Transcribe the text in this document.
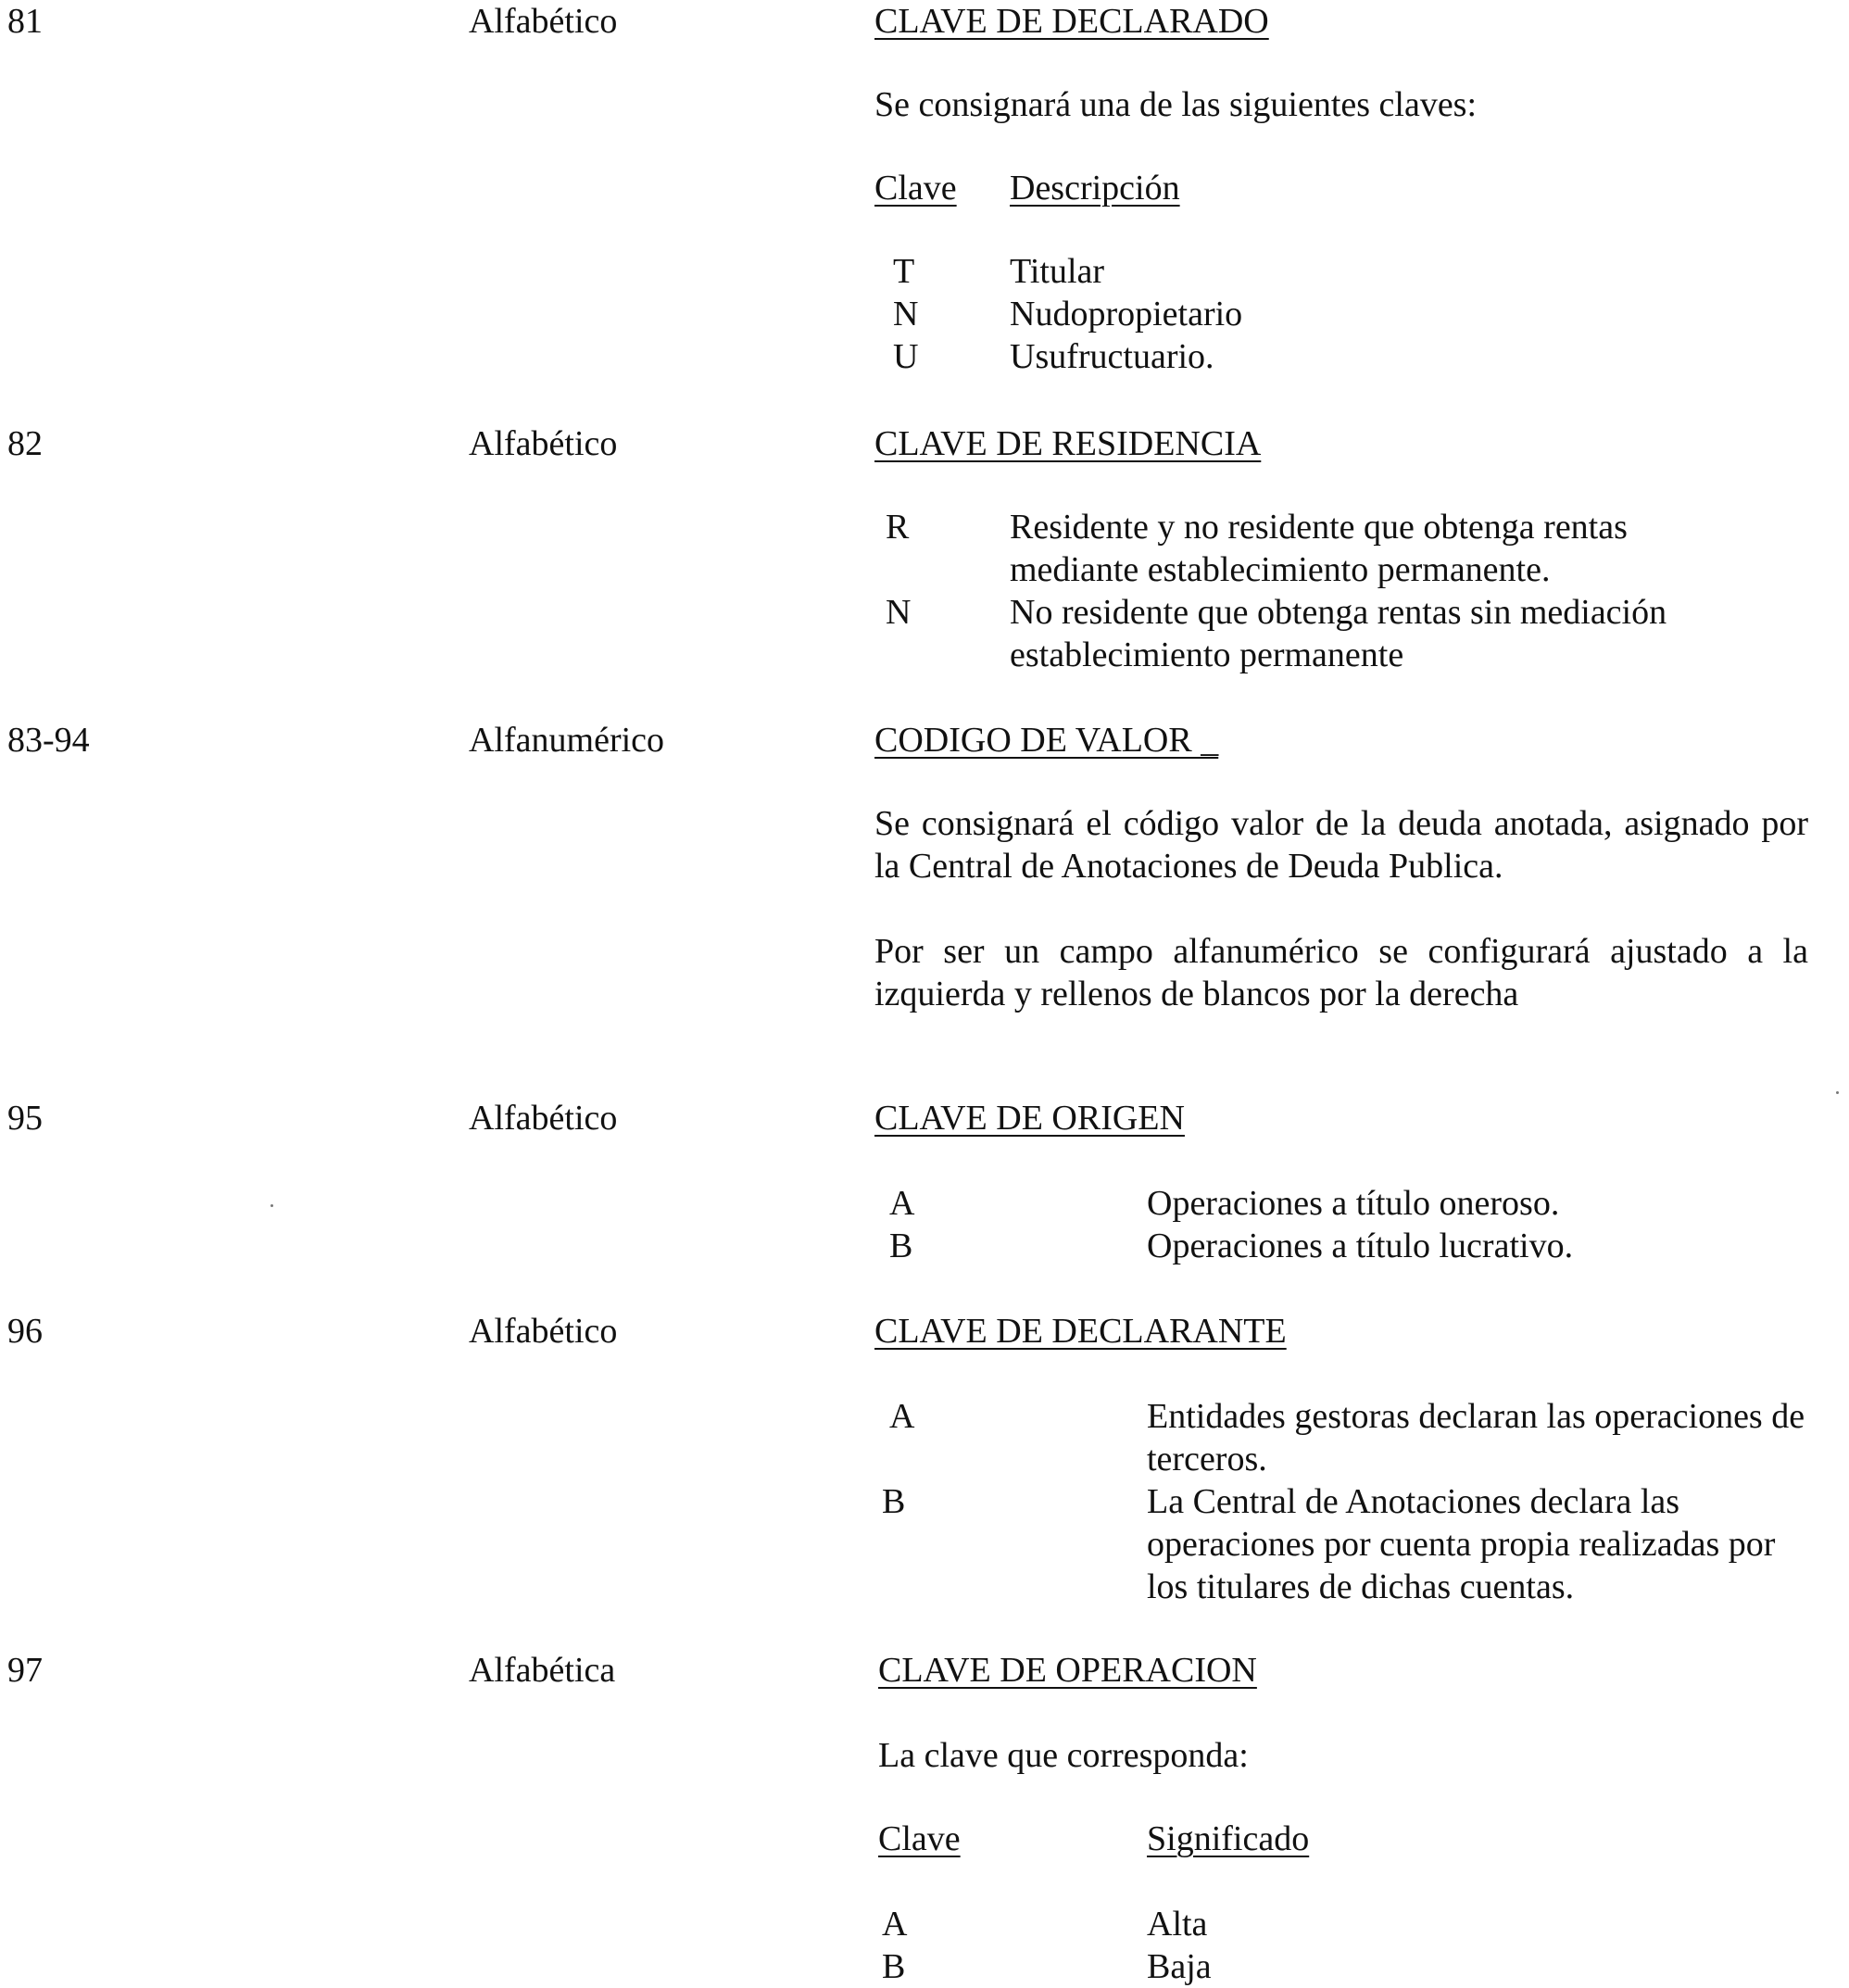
81	Alfabético	CLAVE DE DECLARADO
Se consignará una de las siguientes claves:
Clave Descripción
T	Titular
N	Nudopropietario
U	Usufructuario.
82	Alfabético	CLAVE DE RESIDENCIA
R	Residente y no residente que obtenga rentas mediante establecimiento permanente.
N	No residente que obtenga rentas sin mediación establecimiento permanente
83-94	Alfanumérico	CODIGO DE VALOR _
Se consignará el código valor de la deuda anotada, asignado por la Central de Anotaciones de Deuda Publica.
Por ser un campo alfanumérico se configurará ajustado a la izquierda y rellenos de blancos por la derecha
95	Alfabético	CLAVE DE ORIGEN
A	Operaciones a título oneroso.
B	Operaciones a título lucrativo.
96	Alfabético	CLAVE DE DECLARANTE
A	Entidades gestoras declaran las operaciones de terceros.
B	La Central de Anotaciones declara las operaciones por cuenta propia realizadas por los titulares de dichas cuentas.
97	Alfabética	CLAVE DE OPERACION
La clave que corresponda:
Clave	Significado
A	Alta
B	Baja
